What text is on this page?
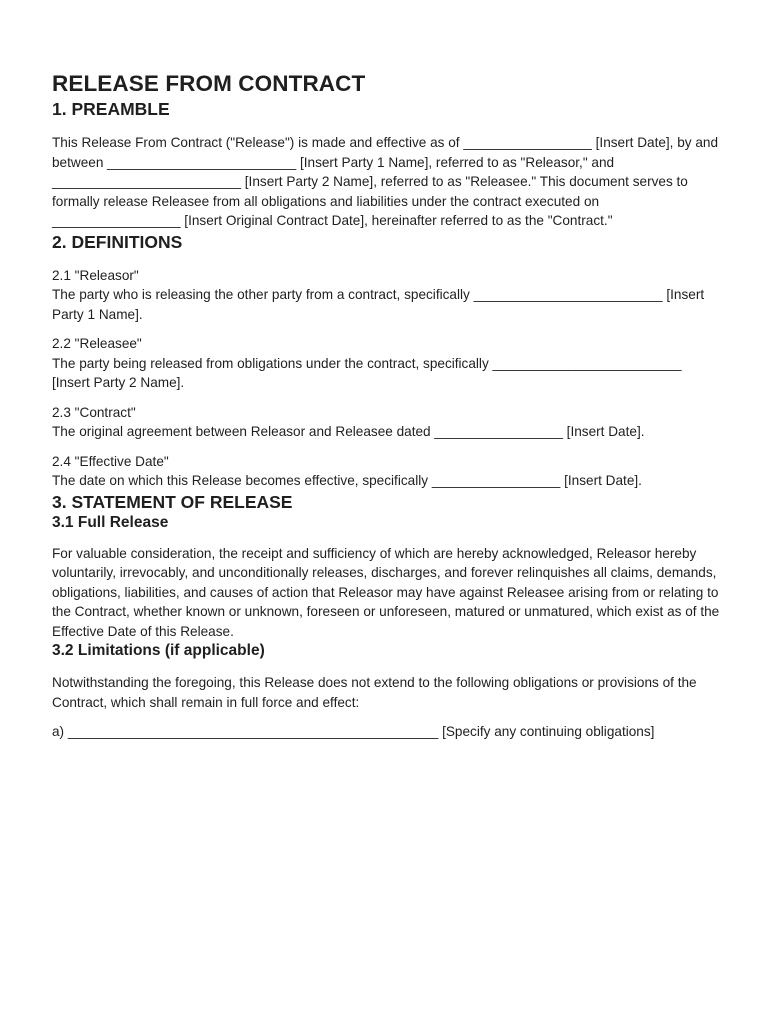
RELEASE FROM CONTRACT
1. PREAMBLE

This Release From Contract ("Release") is made and effective as of _________________ [Insert Date], by and between _________________________ [Insert Party 1 Name], referred to as "Releasor," and _________________________ [Insert Party 2 Name], referred to as "Releasee." This document serves to formally release Releasee from all obligations and liabilities under the contract executed on _________________ [Insert Original Contract Date], hereinafter referred to as the "Contract."

2. DEFINITIONS

2.1 "Releasor"

The party who is releasing the other party from a contract, specifically _________________________ [Insert Party 1 Name].

2.2 "Releasee"

The party being released from obligations under the contract, specifically _________________________ [Insert Party 2 Name].

2.3 "Contract"

The original agreement between Releasor and Releasee dated _________________ [Insert Date].

2.4 "Effective Date"

The date on which this Release becomes effective, specifically _________________ [Insert Date].

3. STATEMENT OF RELEASE
3.1 Full Release

For valuable consideration, the receipt and sufficiency of which are hereby acknowledged, Releasor hereby voluntarily, irrevocably, and unconditionally releases, discharges, and forever relinquishes all claims, demands, obligations, liabilities, and causes of action that Releasor may have against Releasee arising from or relating to the Contract, whether known or unknown, foreseen or unforeseen, matured or unmatured, which exist as of the Effective Date of this Release.

3.2 Limitations (if applicable)

Notwithstanding the foregoing, this Release does not extend to the following obligations or provisions of the Contract, which shall remain in full force and effect:

a) _________________________________________________ [Specify any continuing obligations]
